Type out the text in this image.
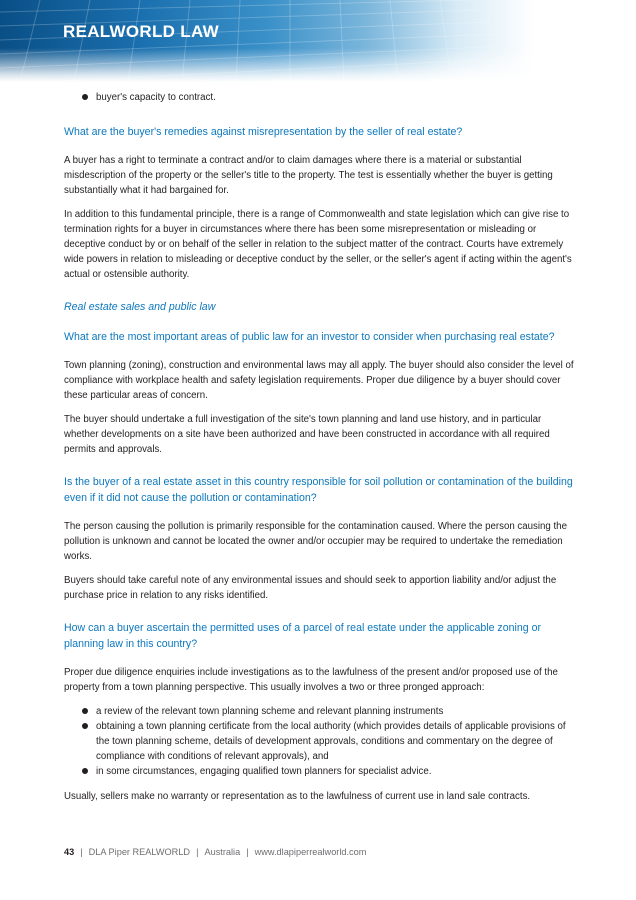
REALWORLD LAW
buyer's capacity to contract.
What are the buyer's remedies against misrepresentation by the seller of real estate?

A buyer has a right to terminate a contract and/or to claim damages where there is a material or substantial misdescription of the property or the seller's title to the property. The test is essentially whether the buyer is getting substantially what it had bargained for.

In addition to this fundamental principle, there is a range of Commonwealth and state legislation which can give rise to termination rights for a buyer in circumstances where there has been some misrepresentation or misleading or deceptive conduct by or on behalf of the seller in relation to the subject matter of the contract. Courts have extremely wide powers in relation to misleading or deceptive conduct by the seller, or the seller's agent if acting within the agent's actual or ostensible authority.

Real estate sales and public law
What are the most important areas of public law for an investor to consider when purchasing real estate?

Town planning (zoning), construction and environmental laws may all apply. The buyer should also consider the level of compliance with workplace health and safety legislation requirements. Proper due diligence by a buyer should cover these particular areas of concern.

The buyer should undertake a full investigation of the site's town planning and land use history, and in particular whether developments on a site have been authorized and have been constructed in accordance with all required permits and approvals.

Is the buyer of a real estate asset in this country responsible for soil pollution or contamination of the building even if it did not cause the pollution or contamination?

The person causing the pollution is primarily responsible for the contamination caused. Where the person causing the pollution is unknown and cannot be located the owner and/or occupier may be required to undertake the remediation works.

Buyers should take careful note of any environmental issues and should seek to apportion liability and/or adjust the purchase price in relation to any risks identified.

How can a buyer ascertain the permitted uses of a parcel of real estate under the applicable zoning or planning law in this country?

Proper due diligence enquiries include investigations as to the lawfulness of the present and/or proposed use of the property from a town planning perspective. This usually involves a two or three pronged approach:

a review of the relevant town planning scheme and relevant planning instruments
obtaining a town planning certificate from the local authority (which provides details of applicable provisions of the town planning scheme, details of development approvals, conditions and commentary on the degree of compliance with conditions of relevant approvals), and
in some circumstances, engaging qualified town planners for specialist advice.

Usually, sellers make no warranty or representation as to the lawfulness of current use in land sale contracts.

43 | DLA Piper REALWORLD | Australia | www.dlapiperrealworld.com
